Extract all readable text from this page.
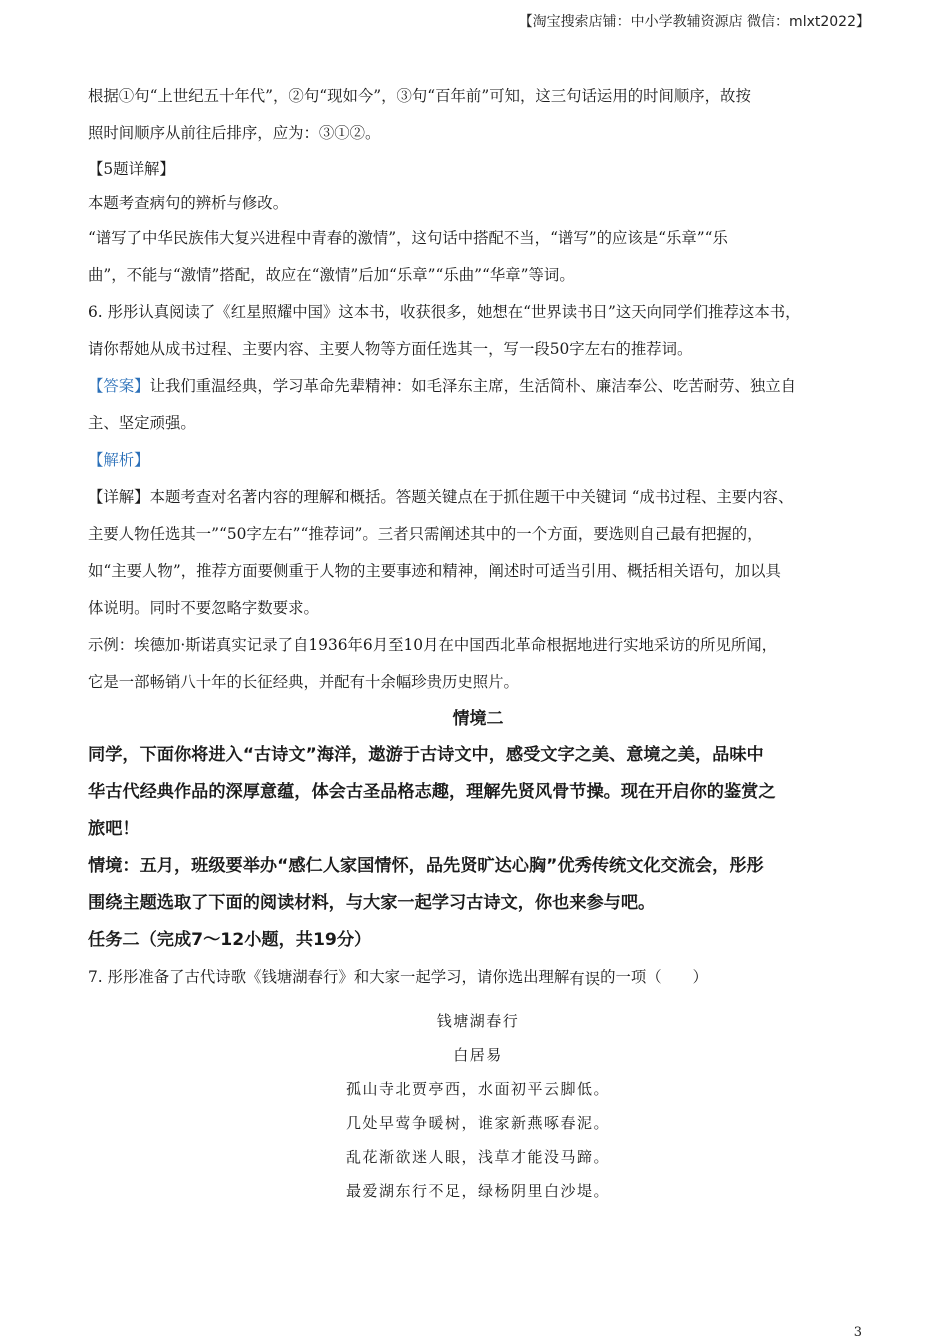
【淘宝搜索店铺：中小学教辅资源店 微信：mlxt2022】

根据①句“上世纪五十年代”，②句“现如今”，③句“百年前”可知，这三句话运用的时间顺序，故按

照时间顺序从前往后排序，应为：③①②。

【5题详解】

本题考查病句的辨析与修改。

“谱写了中华民族伟大复兴进程中青春的激情”，这句话中搭配不当，“谱写”的应该是“乐章”“乐

曲”，不能与“激情”搭配，故应在“激情”后加“乐章”“乐曲”“华章”等词。

6. 彤彤认真阅读了《红星照耀中国》这本书，收获很多，她想在“世界读书日”这天向同学们推荐这本书，

请你帮她从成书过程、主要内容、主要人物等方面任选其一，写一段50字左右的推荐词。

【答案】让我们重温经典，学习革命先辈精神：如毛泽东主席，生活简朴、廉洁奉公、吃苦耐劳、独立自

主、坚定顽强。

【解析】

【详解】本题考查对名著内容的理解和概括。答题关键点在于抓住题干中关键词 “成书过程、主要内容、

主要人物任选其一”“50字左右”“推荐词”。三者只需阐述其中的一个方面，要选则自己最有把握的，

如“主要人物”，推荐方面要侧重于人物的主要事迹和精神，阐述时可适当引用、概括相关语句，加以具

体说明。同时不要忽略字数要求。

示例：埃德加·斯诺真实记录了自1936年6月至10月在中国西北革命根据地进行实地采访的所见所闻，

它是一部畅销八十年的长征经典，并配有十余幅珍贵历史照片。

情境二

同学，下面你将进入“古诗文”海洋，遨游于古诗文中，感受文字之美、意境之美，品味中

华古代经典作品的深厚意蕴，体会古圣品格志趣，理解先贤风骨节操。现在开启你的鉴赏之

旅吧！

情境：五月，班级要举办“感仁人家国情怀，品先贤旷达心胸”优秀传统文化交流会，彤彤

围绕主题选取了下面的阅读材料，与大家一起学习古诗文，你也来参与吧。

任务二（完成7～12小题，共19分）

7. 彤彤准备了古代诗歌《钱塘湖春行》和大家一起学习，请你选出理解有误的一项（　　）

钱塘湖春行

白居易

孤山寺北贾亭西，水面初平云脚低。

几处早莺争暖树，谁家新燕啄春泥。

乱花渐欲迷人眼，浅草才能没马蹄。

最爱湖东行不足，绿杨阴里白沙堤。

3
